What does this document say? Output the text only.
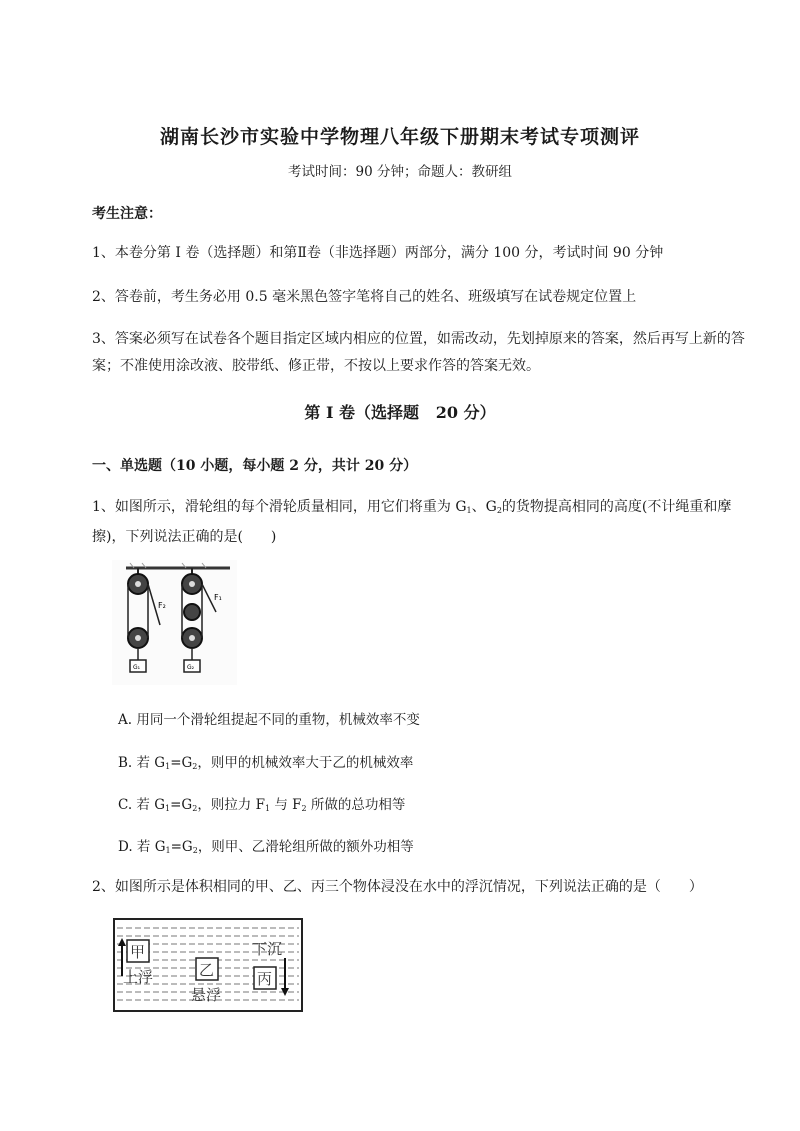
湖南长沙市实验中学物理八年级下册期末考试专项测评
考试时间：90 分钟；命题人：教研组
考生注意：
1、本卷分第 I 卷（选择题）和第Ⅱ卷（非选择题）两部分，满分 100 分，考试时间 90 分钟
2、答卷前，考生务必用 0.5 毫米黑色签字笔将自己的姓名、班级填写在试卷规定位置上
3、答案必须写在试卷各个题目指定区域内相应的位置，如需改动，先划掉原来的答案，然后再写上新的答案；不准使用涂改液、胶带纸、修正带，不按以上要求作答的答案无效。
第 I 卷（选择题   20 分）
一、单选题（10 小题，每小题 2 分，共计 20 分）
1、如图所示，滑轮组的每个滑轮质量相同，用它们将重为 $G_1$、$G_2$的货物提高相同的高度(不计绳重和摩擦)，下列说法正确的是(　　)
F₂
G₁
F₁
G₂
A. 用同一个滑轮组提起不同的重物，机械效率不变
B. 若 $G_1=G_2$，则甲的机械效率大于乙的机械效率
C. 若 $G_1=G_2$，则拉力 $F_1$ 与 $F_2$ 所做的总功相等
D. 若 $G_1=G_2$，则甲、乙滑轮组所做的额外功相等
2、如图所示是体积相同的甲、乙、丙三个物体浸没在水中的浮沉情况，下列说法正确的是（　　）
甲
上浮	乙
悬浮
下沉
丙
